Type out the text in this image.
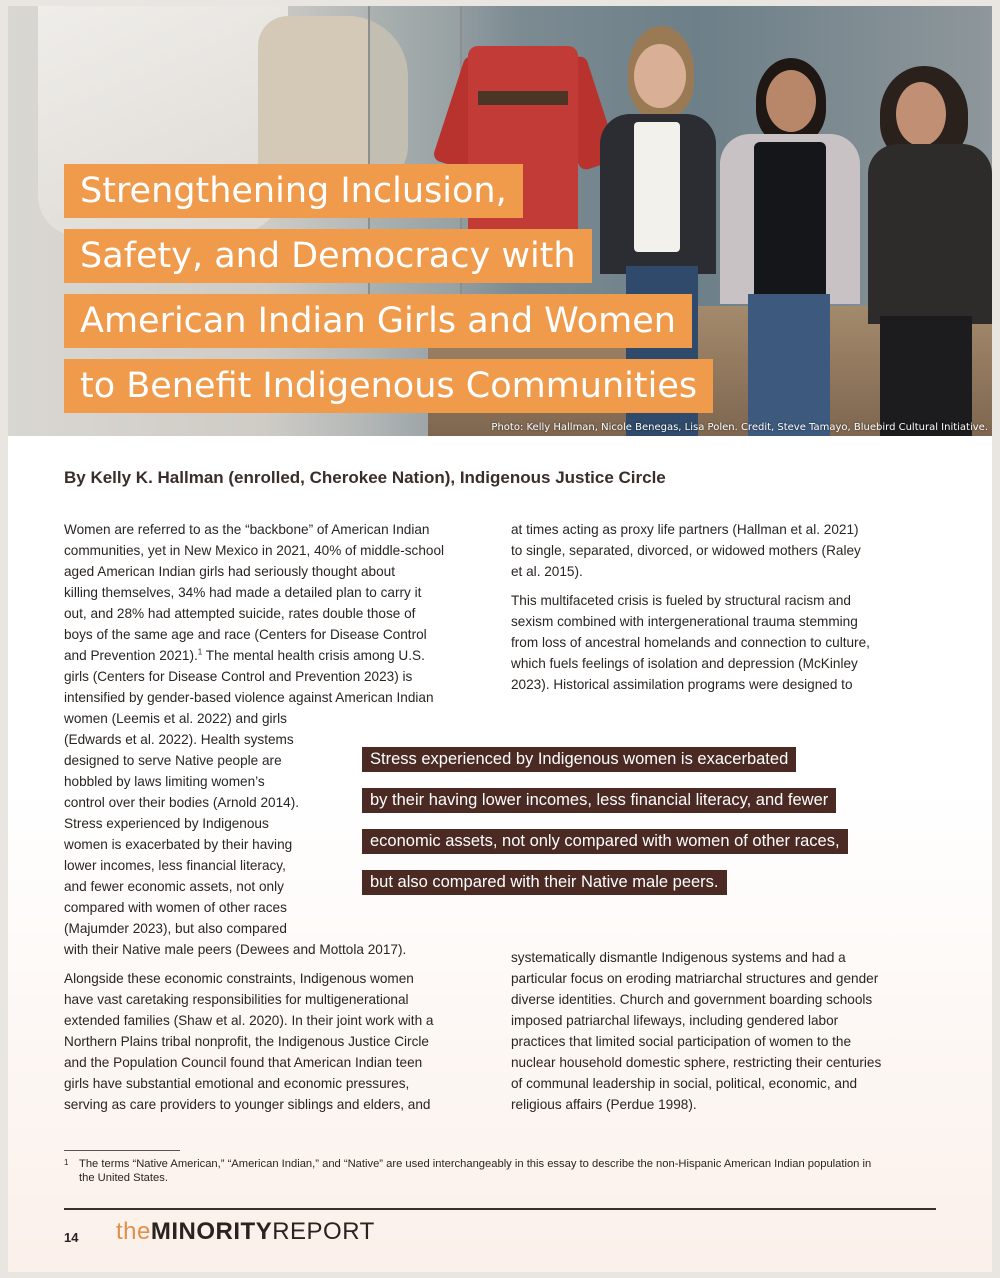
Photo: Kelly Hallman, Nicole Benegas, Lisa Polen. Credit, Steve Tamayo, Bluebird Cultural Initiative.
Strengthening Inclusion,
Safety, and Democracy with
American Indian Girls and Women
to Benefit Indigenous Communities
By Kelly K. Hallman (enrolled, Cherokee Nation), Indigenous Justice Circle

Women are referred to as the “backbone” of American Indian

communities, yet in New Mexico in 2021, 40% of middle-school

aged American Indian girls had seriously thought about

killing themselves, 34% had made a detailed plan to carry it

out, and 28% had attempted suicide, rates double those of

boys of the same age and race (Centers for Disease Control

and Prevention 2021).$^1$ The mental health crisis among U.S.

girls (Centers for Disease Control and Prevention 2023) is

intensified by gender-based violence against American Indian

women (Leemis et al. 2022) and girls

(Edwards et al. 2022). Health systems

designed to serve Native people are

hobbled by laws limiting women’s

control over their bodies (Arnold 2014).

Stress experienced by Indigenous

women is exacerbated by their having

lower incomes, less financial literacy,

and fewer economic assets, not only

compared with women of other races

(Majumder 2023), but also compared

with their Native male peers (Dewees and Mottola 2017).

Alongside these economic constraints, Indigenous women

have vast caretaking responsibilities for multigenerational

extended families (Shaw et al. 2020). In their joint work with a

Northern Plains tribal nonprofit, the Indigenous Justice Circle

and the Population Council found that American Indian teen

girls have substantial emotional and economic pressures,

serving as care providers to younger siblings and elders, and

at times acting as proxy life partners (Hallman et al. 2021)

to single, separated, divorced, or widowed mothers (Raley

et al. 2015).

This multifaceted crisis is fueled by structural racism and

sexism combined with intergenerational trauma stemming

from loss of ancestral homelands and connection to culture,

which fuels feelings of isolation and depression (McKinley

2023). Historical assimilation programs were designed to

Stress experienced by Indigenous women is exacerbated
by their having lower incomes, less financial literacy, and fewer
economic assets, not only compared with women of other races,
but also compared with their Native male peers.

systematically dismantle Indigenous systems and had a

particular focus on eroding matriarchal structures and gender

diverse identities. Church and government boarding schools

imposed patriarchal lifeways, including gendered labor

practices that limited social participation of women to the

nuclear household domestic sphere, restricting their centuries

of communal leadership in social, political, economic, and

religious affairs (Perdue 1998).

1 The terms “Native American,” “American Indian,” and “Native” are used interchangeably in this essay to describe the non-Hispanic American Indian population in the United States.
14 theMINORITYREPORT
